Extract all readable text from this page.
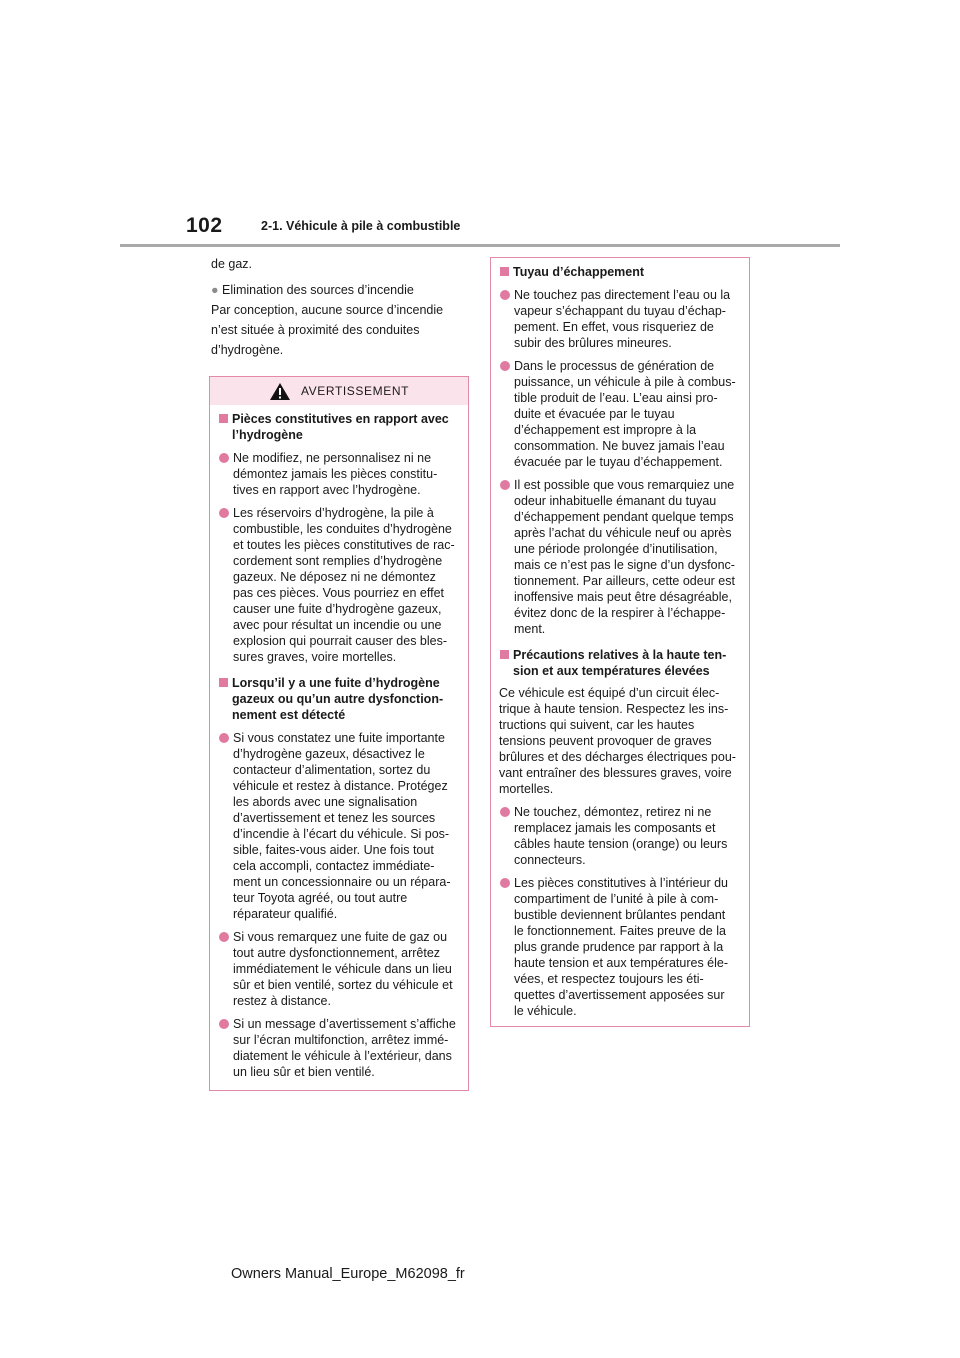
102	2-1. Véhicule à pile à combustible

de gaz.

● Elimination des sources d’incendie

Par conception, aucune source d’incendie

n’est située à proximité des conduites

d’hydrogène.

AVERTISSEMENT
Pièces constitutives en rapport avec
l’hydrogène
Ne modifiez, ne personnalisez ni ne
démontez jamais les pièces constitu-
tives en rapport avec l’hydrogène.
Les réservoirs d’hydrogène, la pile à
combustible, les conduites d’hydrogène
et toutes les pièces constitutives de rac-
cordement sont remplies d’hydrogène
gazeux. Ne déposez ni ne démontez
pas ces pièces. Vous pourriez en effet
causer une fuite d’hydrogène gazeux,
avec pour résultat un incendie ou une
explosion qui pourrait causer des bles-
sures graves, voire mortelles.
Lorsqu’il y a une fuite d’hydrogène
gazeux ou qu’un autre dysfonction-
nement est détecté
Si vous constatez une fuite importante
d’hydrogène gazeux, désactivez le
contacteur d’alimentation, sortez du
véhicule et restez à distance. Protégez
les abords avec une signalisation
d’avertissement et tenez les sources
d’incendie à l’écart du véhicule. Si pos-
sible, faites-vous aider. Une fois tout
cela accompli, contactez immédiate-
ment un concessionnaire ou un répara-
teur Toyota agréé, ou tout autre
réparateur qualifié.
Si vous remarquez une fuite de gaz ou
tout autre dysfonctionnement, arrêtez
immédiatement le véhicule dans un lieu
sûr et bien ventilé, sortez du véhicule et
restez à distance.
Si un message d’avertissement s’affiche
sur l’écran multifonction, arrêtez immé-
diatement le véhicule à l’extérieur, dans
un lieu sûr et bien ventilé.
Tuyau d’échappement
Ne touchez pas directement l’eau ou la
vapeur s’échappant du tuyau d’échap-
pement. En effet, vous risqueriez de
subir des brûlures mineures.
Dans le processus de génération de
puissance, un véhicule à pile à combus-
tible produit de l’eau. L’eau ainsi pro-
duite et évacuée par le tuyau
d’échappement est impropre à la
consommation. Ne buvez jamais l’eau
évacuée par le tuyau d’échappement.
Il est possible que vous remarquiez une
odeur inhabituelle émanant du tuyau
d’échappement pendant quelque temps
après l’achat du véhicule neuf ou après
une période prolongée d’inutilisation,
mais ce n’est pas le signe d’un dysfonc-
tionnement. Par ailleurs, cette odeur est
inoffensive mais peut être désagréable,
évitez donc de la respirer à l’échappe-
ment.
Précautions relatives à la haute ten-
sion et aux températures élevées
Ce véhicule est équipé d’un circuit élec-
trique à haute tension. Respectez les ins-
tructions qui suivent, car les hautes
tensions peuvent provoquer de graves
brûlures et des décharges électriques pou-
vant entraîner des blessures graves, voire
mortelles.
Ne touchez, démontez, retirez ni ne
remplacez jamais les composants et
câbles haute tension (orange) ou leurs
connecteurs.
Les pièces constitutives à l’intérieur du
compartiment de l’unité à pile à com-
bustible deviennent brûlantes pendant
le fonctionnement. Faites preuve de la
plus grande prudence par rapport à la
haute tension et aux températures éle-
vées, et respectez toujours les éti-
quettes d’avertissement apposées sur
le véhicule.
Owners Manual_Europe_M62098_fr
